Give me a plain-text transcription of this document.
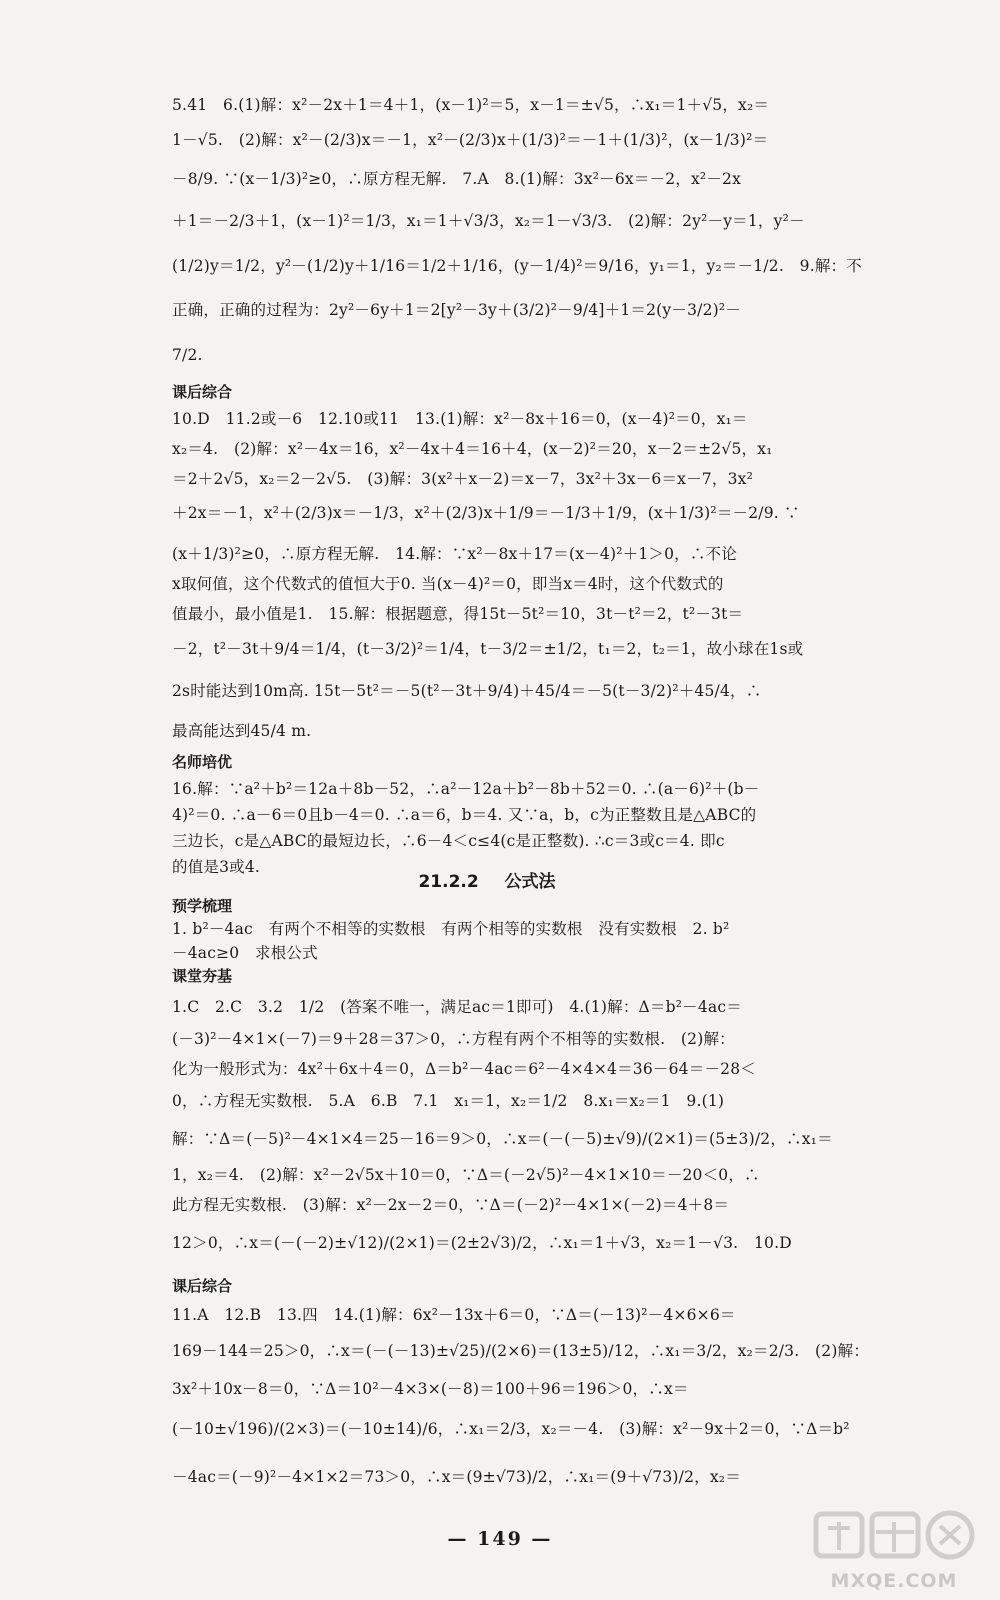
5.41　6.(1)解：x²－2x＋1＝4＋1，(x－1)²＝5，x－1＝±√5，∴x₁＝1＋√5，x₂＝
1－√5.　(2)解：x²－(2/3)x＝－1，x²－(2/3)x＋(1/3)²＝－1＋(1/3)²，(x－1/3)²＝
－8/9. ∵(x－1/3)²≥0，∴原方程无解.　7.A　8.(1)解：3x²－6x＝－2，x²－2x
＋1＝－2/3＋1，(x－1)²＝1/3，x₁＝1＋√3/3，x₂＝1－√3/3.　(2)解：2y²－y＝1，y²－
(1/2)y＝1/2，y²－(1/2)y＋1/16＝1/2＋1/16，(y－1/4)²＝9/16，y₁＝1，y₂＝－1/2.　9.解：不
正确，正确的过程为：2y²－6y＋1＝2[y²－3y＋(3/2)²－9/4]＋1＝2(y－3/2)²－
7/2.
课后综合
10.D　11.2或－6　12.10或11　13.(1)解：x²－8x＋16＝0，(x－4)²＝0，x₁＝
x₂＝4.　(2)解：x²－4x＝16，x²－4x＋4＝16＋4，(x－2)²＝20，x－2＝±2√5，x₁
＝2＋2√5，x₂＝2－2√5.　(3)解：3(x²＋x－2)＝x－7，3x²＋3x－6＝x－7，3x²
＋2x＝－1，x²＋(2/3)x＝－1/3，x²＋(2/3)x＋1/9＝－1/3＋1/9，(x＋1/3)²＝－2/9. ∵
(x＋1/3)²≥0，∴原方程无解.　14.解：∵x²－8x＋17＝(x－4)²＋1＞0，∴不论
x取何值，这个代数式的值恒大于0. 当(x－4)²＝0，即当x＝4时，这个代数式的
值最小，最小值是1.　15.解：根据题意，得15t－5t²＝10，3t－t²＝2，t²－3t＝
－2，t²－3t＋9/4＝1/4，(t－3/2)²＝1/4，t－3/2＝±1/2，t₁＝2，t₂＝1，故小球在1s或
2s时能达到10m高. 15t－5t²＝－5(t²－3t＋9/4)＋45/4＝－5(t－3/2)²＋45/4，∴
最高能达到45/4 m.
名师培优
16.解：∵a²＋b²＝12a＋8b－52，∴a²－12a＋b²－8b＋52＝0. ∴(a－6)²＋(b－
4)²＝0. ∴a－6＝0且b－4＝0. ∴a＝6，b＝4. 又∵a，b，c为正整数且是△ABC的
三边长，c是△ABC的最短边长，∴6－4＜c≤4(c是正整数). ∴c＝3或c＝4. 即c
的值是3或4.
21.2.2 公式法
预学梳理
1. b²－4ac　有两个不相等的实数根　有两个相等的实数根　没有实数根　2. b²
－4ac≥0　求根公式
课堂夯基
1.C　2.C　3.2　1/2　(答案不唯一，满足ac＝1即可)　4.(1)解：Δ＝b²－4ac＝
(－3)²－4×1×(－7)＝9＋28＝37＞0，∴方程有两个不相等的实数根.　(2)解：
化为一般形式为：4x²＋6x＋4＝0，Δ＝b²－4ac＝6²－4×4×4＝36－64＝－28＜
0，∴方程无实数根.　5.A　6.B　7.1　x₁＝1，x₂＝1/2　8.x₁＝x₂＝1　9.(1)
解：∵Δ＝(－5)²－4×1×4＝25－16＝9＞0，∴x＝(－(－5)±√9)/(2×1)＝(5±3)/2，∴x₁＝
1，x₂＝4.　(2)解：x²－2√5x＋10＝0，∵Δ＝(－2√5)²－4×1×10＝－20＜0，∴
此方程无实数根.　(3)解：x²－2x－2＝0，∵Δ＝(－2)²－4×1×(－2)＝4＋8＝
12＞0，∴x＝(－(－2)±√12)/(2×1)＝(2±2√3)/2，∴x₁＝1＋√3，x₂＝1－√3.　10.D
课后综合
11.A　12.B　13.四　14.(1)解：6x²－13x＋6＝0，∵Δ＝(－13)²－4×6×6＝
169－144＝25＞0，∴x＝(－(－13)±√25)/(2×6)＝(13±5)/12，∴x₁＝3/2，x₂＝2/3.　(2)解：
3x²＋10x－8＝0，∵Δ＝10²－4×3×(－8)＝100＋96＝196＞0，∴x＝
(－10±√196)/(2×3)＝(－10±14)/6，∴x₁＝2/3，x₂＝－4.　(3)解：x²－9x＋2＝0，∵Δ＝b²
－4ac＝(－9)²－4×1×2＝73＞0，∴x＝(9±√73)/2，∴x₁＝(9＋√73)/2，x₂＝
— 149 —
MXQE.COM
